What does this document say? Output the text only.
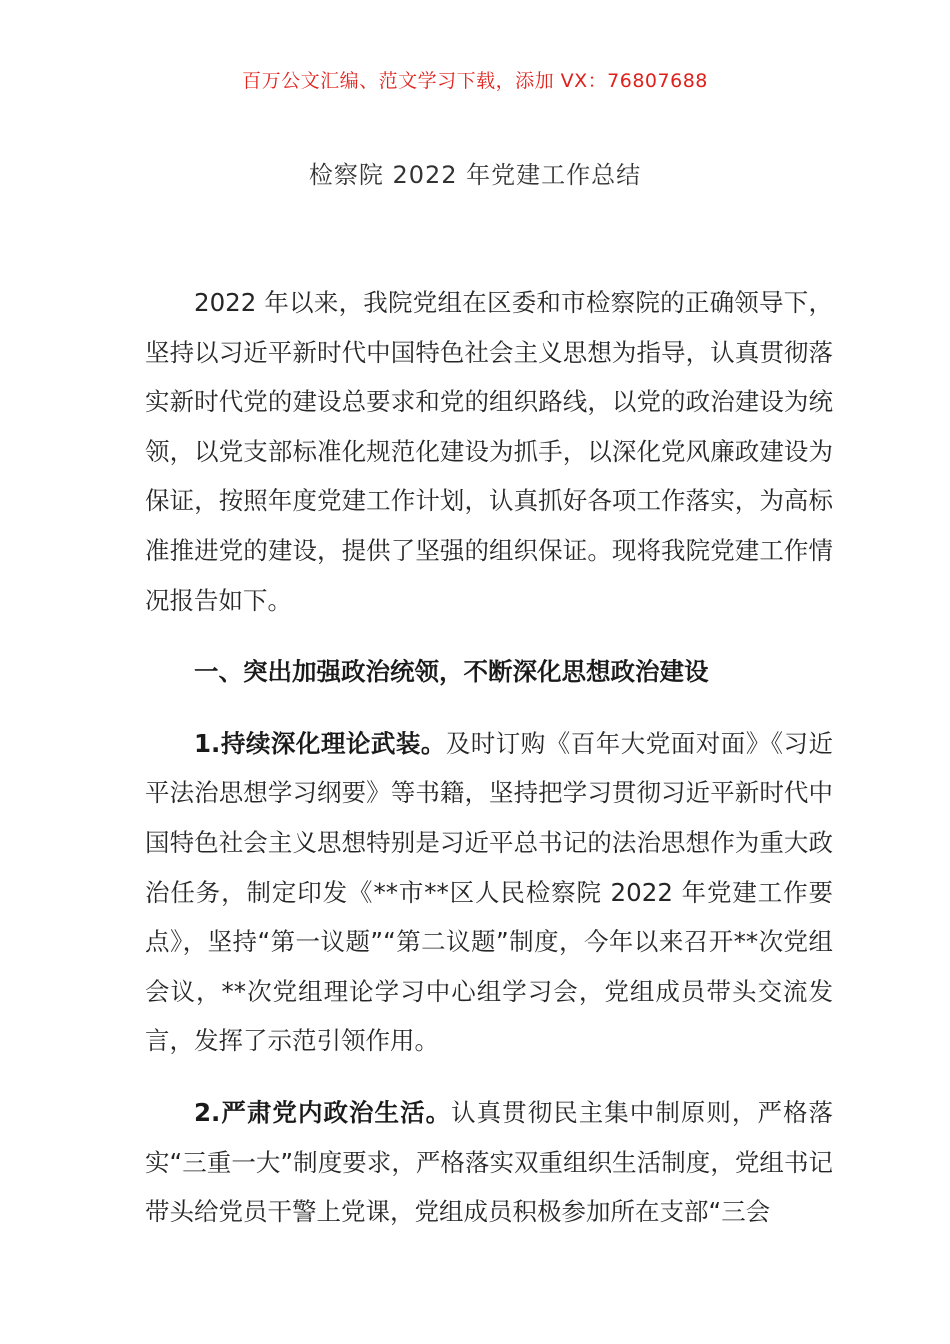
百万公文汇编、范文学习下载，添加 VX：76807688
检察院 2022 年党建工作总结

2022 年以来，我院党组在区委和市检察院的正确领导下，坚持以习近平新时代中国特色社会主义思想为指导，认真贯彻落实新时代党的建设总要求和党的组织路线，以党的政治建设为统领，以党支部标准化规范化建设为抓手，以深化党风廉政建设为保证，按照年度党建工作计划，认真抓好各项工作落实，为高标准推进党的建设，提供了坚强的组织保证。现将我院党建工作情况报告如下。

一、突出加强政治统领，不断深化思想政治建设

1.持续深化理论武装。及时订购《百年大党面对面》《习近平法治思想学习纲要》等书籍，坚持把学习贯彻习近平新时代中国特色社会主义思想特别是习近平总书记的法治思想作为重大政治任务，制定印发《**市**区人民检察院 2022 年党建工作要点》，坚持“第一议题”“第二议题”制度，今年以来召开**次党组会议，**次党组理论学习中心组学习会，党组成员带头交流发言，发挥了示范引领作用。

2.严肃党内政治生活。认真贯彻民主集中制原则，严格落实“三重一大”制度要求，严格落实双重组织生活制度，党组书记带头给党员干警上党课，党组成员积极参加所在支部“三会
